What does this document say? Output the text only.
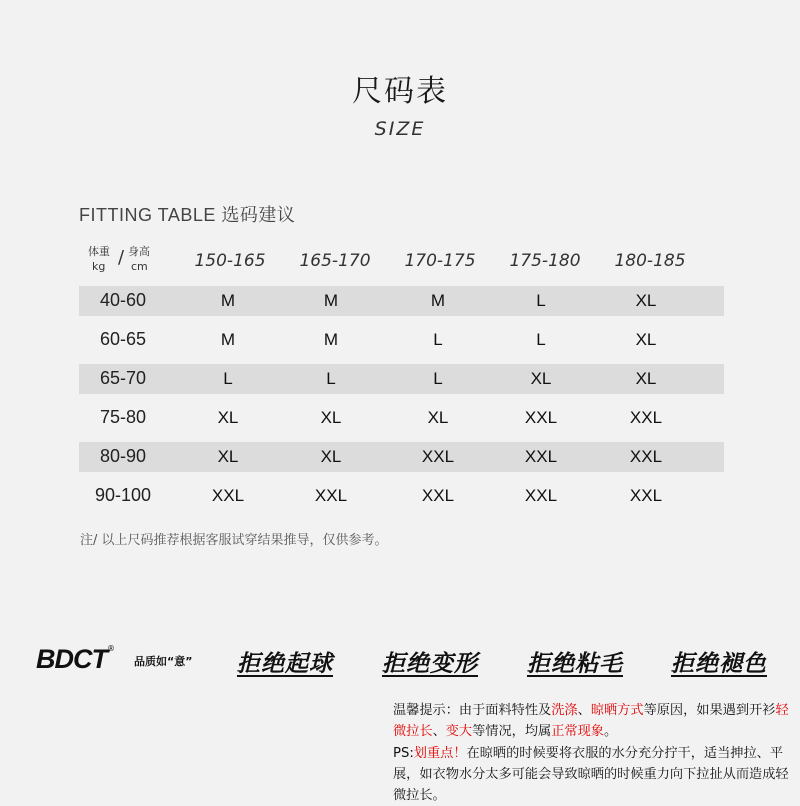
尺码表
SIZE
FITTING TABLE 选码建议
体重
kg / 身高
cm	150-165	165-170	170-175	175-180	180-185
40-60	M	M	M	L	XL
60-65	M	M	L	L	XL
65-70	L	L	L	XL	XL
75-80	XL	XL	XL	XXL	XXL
80-90	XL	XL	XXL	XXL	XXL
90-100	XXL	XXL	XXL	XXL	XXL
注/ 以上尺码推荐根据客服试穿结果推导，仅供参考。
BDCT®
品质如“意” 拒绝起球 拒绝变形 拒绝粘毛 拒绝褪色
温馨提示：由于面料特性及洗涤、晾晒方式等原因，如果遇到开衫轻微拉长、变大等情况，均属正常现象。
PS:划重点！在晾晒的时候要将衣服的水分充分拧干，适当抻拉、平展，如衣物水分太多可能会导致晾晒的时候重力向下拉扯从而造成轻微拉长。
